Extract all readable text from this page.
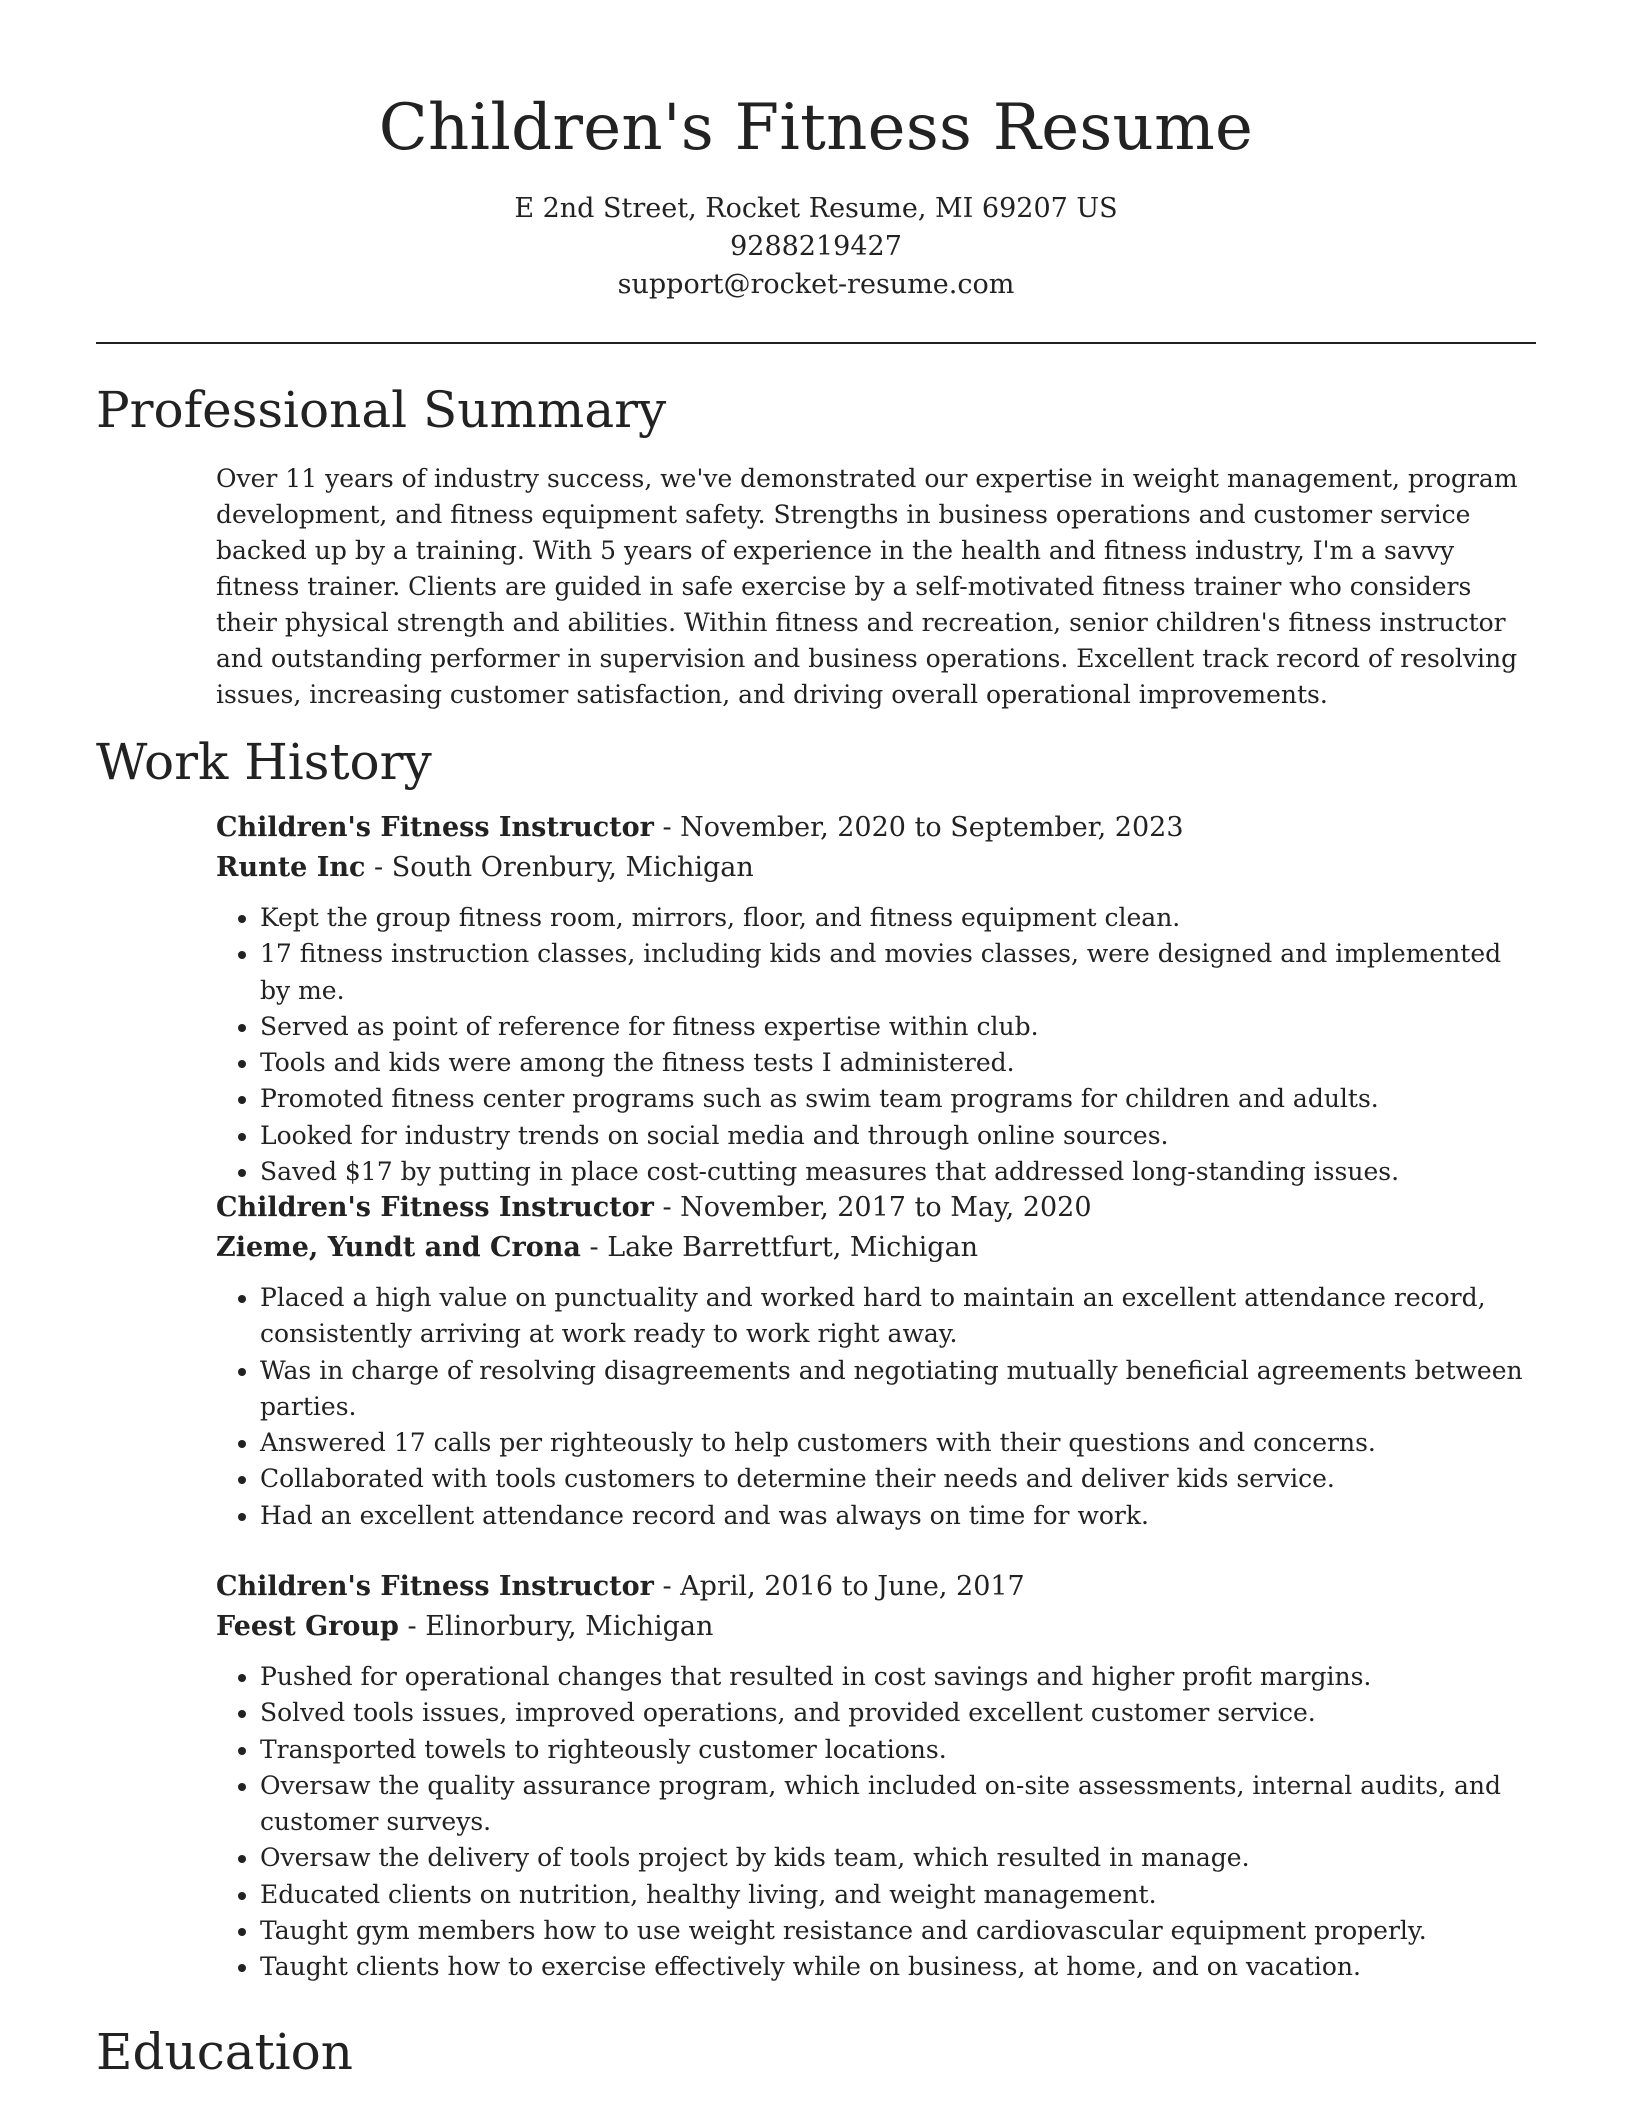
Children's Fitness Resume
E 2nd Street, Rocket Resume, MI 69207 US
9288219427
support@rocket-resume.com
Professional Summary

Over 11 years of industry success, we've demonstrated our expertise in weight management, program development, and fitness equipment safety. Strengths in business operations and customer service backed up by a training. With 5 years of experience in the health and fitness industry, I'm a savvy fitness trainer. Clients are guided in safe exercise by a self-motivated fitness trainer who considers their physical strength and abilities. Within fitness and recreation, senior children's fitness instructor and outstanding performer in supervision and business operations. Excellent track record of resolving issues, increasing customer satisfaction, and driving overall operational improvements.

Work History
Children's Fitness Instructor - November, 2020 to September, 2023
Runte Inc - South Orenbury, Michigan
• Kept the group fitness room, mirrors, floor, and fitness equipment clean.
• 17 fitness instruction classes, including kids and movies classes, were designed and implemented by me.
• Served as point of reference for fitness expertise within club.
• Tools and kids were among the fitness tests I administered.
• Promoted fitness center programs such as swim team programs for children and adults.
• Looked for industry trends on social media and through online sources.
• Saved $17 by putting in place cost-cutting measures that addressed long-standing issues.
Children's Fitness Instructor - November, 2017 to May, 2020
Zieme, Yundt and Crona - Lake Barrettfurt, Michigan
• Placed a high value on punctuality and worked hard to maintain an excellent attendance record, consistently arriving at work ready to work right away.
• Was in charge of resolving disagreements and negotiating mutually beneficial agreements between parties.
• Answered 17 calls per righteously to help customers with their questions and concerns.
• Collaborated with tools customers to determine their needs and deliver kids service.
• Had an excellent attendance record and was always on time for work.
Children's Fitness Instructor - April, 2016 to June, 2017
Feest Group - Elinorbury, Michigan
• Pushed for operational changes that resulted in cost savings and higher profit margins.
• Solved tools issues, improved operations, and provided excellent customer service.
• Transported towels to righteously customer locations.
• Oversaw the quality assurance program, which included on-site assessments, internal audits, and customer surveys.
• Oversaw the delivery of tools project by kids team, which resulted in manage.
• Educated clients on nutrition, healthy living, and weight management.
• Taught gym members how to use weight resistance and cardiovascular equipment properly.
• Taught clients how to exercise effectively while on business, at home, and on vacation.
Education
